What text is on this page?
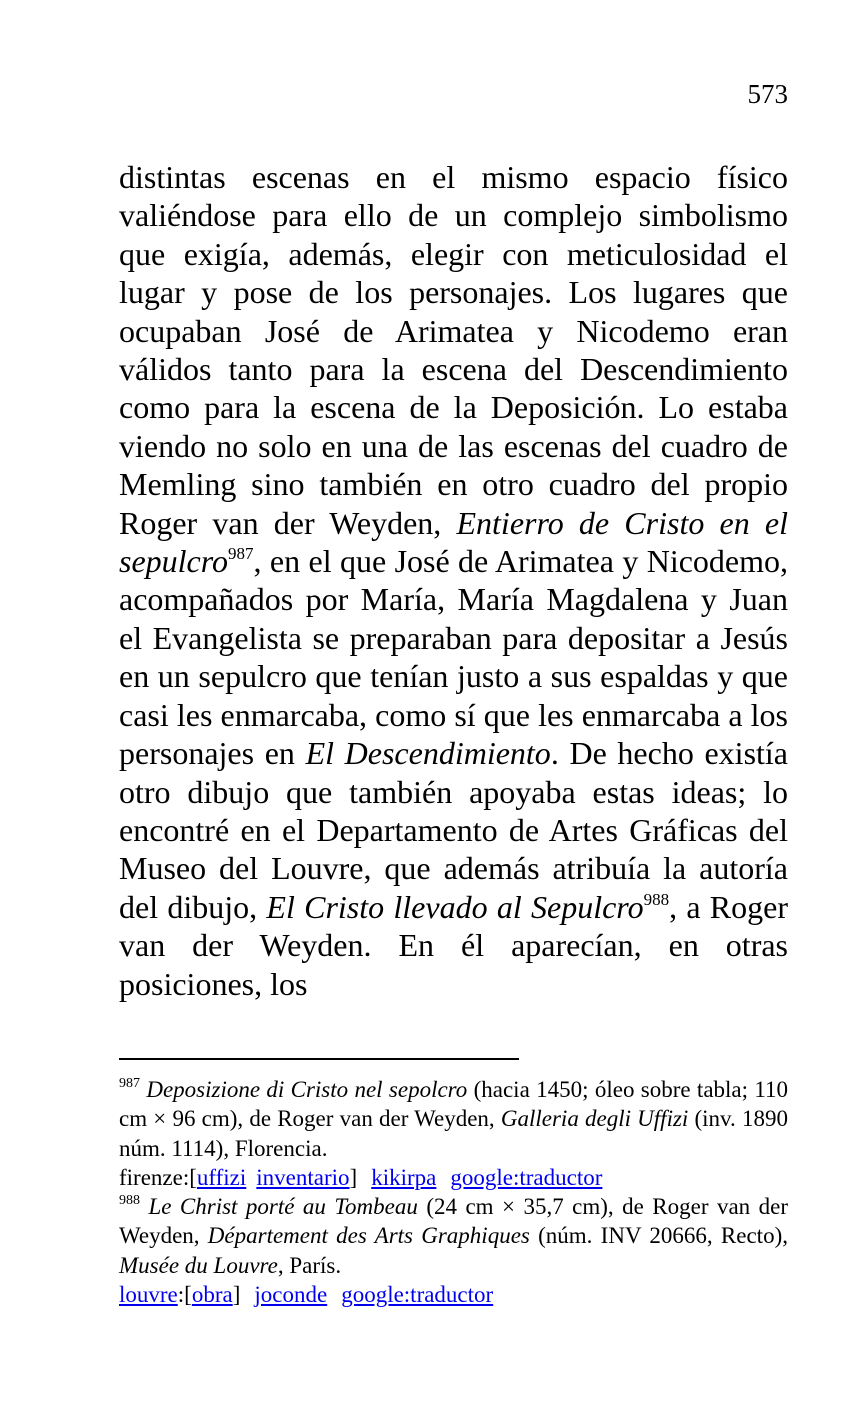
573

distintas escenas en el mismo espacio físico valiéndose para ello de un complejo simbolismo que exigía, además, elegir con meticulosidad el lugar y pose de los personajes. Los lugares que ocupaban José de Arimatea y Nicodemo eran válidos tanto para la escena del Descendimiento como para la escena de la Deposición. Lo estaba viendo no solo en una de las escenas del cuadro de Memling sino también en otro cuadro del propio Roger van der Weyden, Entierro de Cristo en el sepulcro$^{987}$, en el que José de Arimatea y Nicodemo, acompañados por María, María Magdalena y Juan el Evangelista se preparaban para depositar a Jesús en un sepulcro que tenían justo a sus espaldas y que casi les enmarcaba, como sí que les enmarcaba a los personajes en El Descendimiento. De hecho existía otro dibujo que también apoyaba estas ideas; lo encontré en el Departamento de Artes Gráficas del Museo del Louvre, que además atribuía la autoría del dibujo, El Cristo llevado al Sepulcro$^{988}$, a Roger van der Weyden. En él aparecían, en otras posiciones, los

$^{987}$ Deposizione di Cristo nel sepolcro (hacia 1450; óleo sobre tabla; 110 cm × 96 cm), de Roger van der Weyden, Galleria degli Uffizi (inv. 1890 núm. 1114), Florencia.

firenze:[uffizi inventario] kikirpa google:traductor

$^{988}$ Le Christ porté au Tombeau (24 cm × 35,7 cm), de Roger van der Weyden, Département des Arts Graphiques (núm. INV 20666, Recto), Musée du Louvre, París.

louvre:[obra] joconde google:traductor
